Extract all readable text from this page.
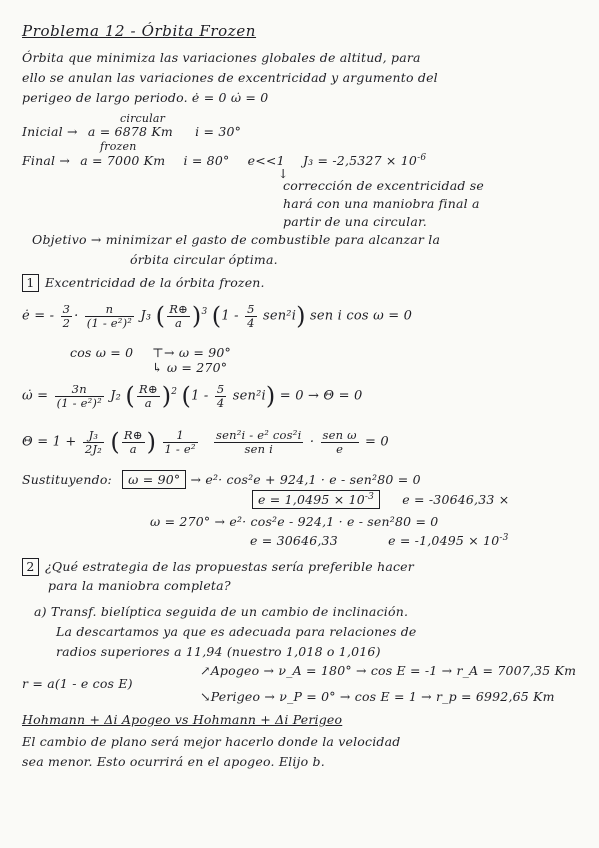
Problema 12 - Órbita Frozen
Órbita que minimiza las variaciones globales de altitud, para
ello se anulan las variaciones de excentricidad y argumento del
perigeo de largo periodo. ė = 0 ω̇ = 0
circular
Inicial → a = 6878 Km i = 30°
frozen
Final → a = 7000 Km i = 80° e<<1 $J_3 = -2,5327 \times 10^{-6}$
↓
corrección de excentricidad se
hará con una maniobra final a
partir de una circular.
Objetivo → minimizar el gasto de combustible para alcanzar la
órbita circular óptima.
1 Excentricidad de la órbita frozen.
ė = - $\frac{3}{2} \cdot \frac{n}{\text{(1 - e²)²}} J_3$ ( $\frac{R\oplus}{a} )^3$ $(1 - \frac{5}{4} sen^2i)$ sen i cos ω = 0
cos ω = 0 ⊤→ ω = 90°
↳ ω = 270°
ω̇ = $\frac{3n}{\text{(1 - e²)²}} J_2$ ( $\frac{R\oplus}{a} )^2$ $(1 - \frac{5}{4} sen^2i) = 0 \to \Theta = 0$
$\Theta = 1 + \frac{\text{J₃}}{\text{2J₂}}$ ( $\frac{R\oplus}{a}$ ) $\frac{1}{\text{1 - e²}}$
$\frac{\text{sen²i - e² cos²i}}{\text{sen i}} \cdot \frac{\text{sen ω}}{e} = 0$
Sustituyendo: ω = 90° → e²· cos²e + 924,1 · e - sen²80 = 0
$e = 1,0495 \times 10^{-3}$ e = -30646,33 ×
ω = 270° → e²· cos²e - 924,1 · e - sen²80 = 0
e = 30646,33	$e = -1,0495 \times 10^{-3}$
2 ¿Qué estrategia de las propuestas sería preferible hacer
para la maniobra completa?
a) Transf. bielíptica seguida de un cambio de inclinación.
La descartamos ya que es adecuada para relaciones de
radios superiores a 11,94 (nuestro 1,018 o 1,016)
↗Apogeo → ν_A = 180° → cos E = -1 → r_A = 7007,35 Km
r = a(1 - e cos E)
↘Perigeo → ν_P = 0° → cos E = 1 → r_p = 6992,65 Km
Hohmann + Δi Apogeo vs Hohmann + Δi Perigeo
El cambio de plano será mejor hacerlo donde la velocidad
sea menor. Esto ocurrirá en el apogeo. Elijo b.
